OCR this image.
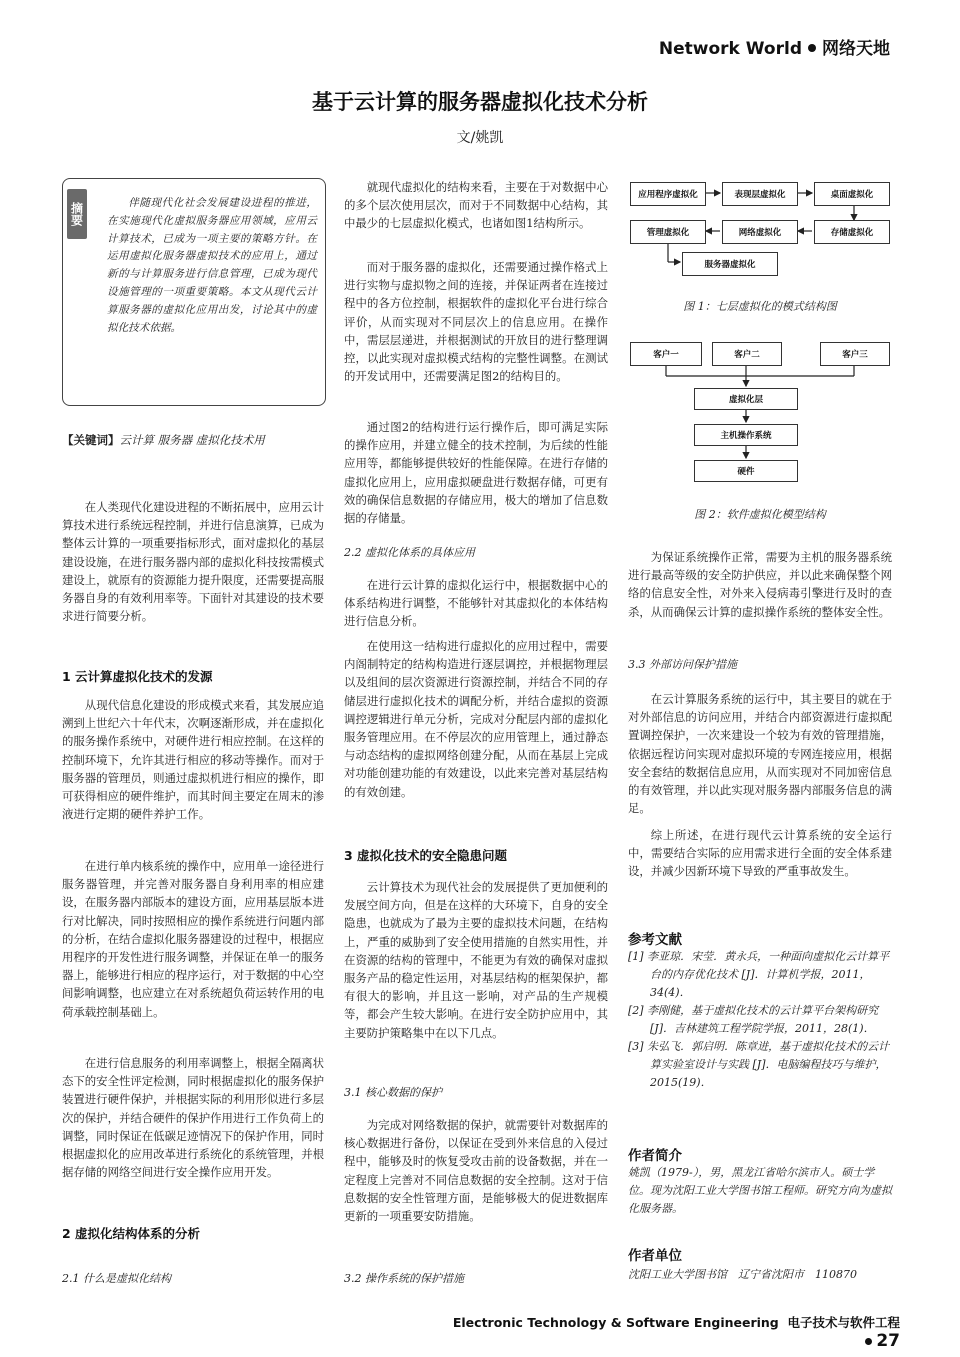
Network World 网络天地
基于云计算的服务器虚拟化技术分析
文/姚凯
摘要	伴随现代化社会发展建设进程的推进，在实施现代化虚拟服务器应用领域，应用云计算技术，已成为一项主要的策略方针。在运用虚拟化服务器虚拟技术的应用上，通过新的与计算服务进行信息管理，已成为现代设施管理的一项重要策略。本文从现代云计算服务器的虚拟化应用出发，讨论其中的虚拟化技术依据。
【关键词】云计算 服务器 虚拟化技术用

在人类现代化建设进程的不断拓展中，应用云计算技术进行系统远程控制，并进行信息演算，已成为整体云计算的一项重要指标形式，面对虚拟化的基层建设设施，在进行服务器内部的虚拟化科技按需模式建设上，就原有的资源能力提升限度，还需要提高服务器自身的有效利用率等。下面针对其建设的技术要求进行简要分析。

1 云计算虚拟化技术的发源

从现代信息化建设的形成模式来看，其发展应追溯到上世纪六十年代末，次啊逐渐形成，并在虚拟化的服务操作系统中，对硬件进行相应控制。在这样的控制环境下，允许其进行相应的移动等操作。而对于服务器的管理员，则通过虚拟机进行相应的操作，即可获得相应的硬件维护，而其时间主要定在周末的渗液进行定期的硬件养护工作。

在进行单内核系统的操作中，应用单一途径进行服务器管理，并完善对服务器自身利用率的相应建设，在服务器内部版本的建设方面，应用基层版本进行对比解决，同时按照相应的操作系统进行问题内部的分析，在结合虚拟化服务器建设的过程中，根据应用程序的开发性进行服务调整，并保证在单一的服务器上，能够进行相应的程序运行，对于数据的中心空间影响调整，也应建立在对系统超负荷运转作用的电荷承载控制基础上。

在进行信息服务的利用率调整上，根据全隔离状态下的安全性评定检测，同时根据虚拟化的服务保护装置进行硬件保护，并根据实际的利用形似进行多层次的保护，并结合硬件的保护作用进行工作负荷上的调整，同时保证在低碳足迹情况下的保护作用，同时根据虚拟化的应用改革进行系统化的系统管理，并根据存储的网络空间进行安全操作应用开发。

2 虚拟化结构体系的分析
2.1 什么是虚拟化结构

就现代虚拟化的结构来看，主要在于对数据中心的多个层次使用层次，而对于不同数据中心结构，其中最少的七层虚拟化模式，也诸如图1结构所示。

而对于服务器的虚拟化，还需要通过操作格式上进行实物与虚拟物之间的连接，并保证两者在连接过程中的各方位控制，根据软件的虚拟化平台进行综合评价，从而实现对不同层次上的信息应用。在操作中，需层层递进，并根据测试的开放目的进行整理调控，以此实现对虚拟模式结构的完整性调整。在测试的开发试用中，还需要满足图2的结构目的。

通过图2的结构进行运行操作后，即可满足实际的操作应用，并建立健全的技术控制，为后续的性能应用等，都能够提供较好的性能保障。在进行存储的虚拟化应用上，应用虚拟硬盘进行数据存储，可更有效的确保信息数据的存储应用，极大的增加了信息数据的存储量。

2.2 虚拟化体系的具体应用

在进行云计算的虚拟化运行中，根据数据中心的体系结构进行调整，不能够针对其虚拟化的本体结构进行信息分析。

在使用这一结构进行虚拟化的应用过程中，需要内阁制特定的结构构造进行逐层调控，并根据物理层以及组间的层次资源进行资源控制，并结合不同的存储层进行虚拟化技术的调配分析，并结合虚拟的资源调控逻辑进行单元分析，完成对分配层内部的虚拟化服务管理应用。在不停层次的应用管理上，通过静态与动态结构的虚拟网络创建分配，从而在基层上完成对功能创建功能的有效建设，以此来完善对基层结构的有效创建。

3 虚拟化技术的安全隐患问题

云计算技术为现代社会的发展提供了更加便利的发展空间方向，但是在这样的大环境下，自身的安全隐患，也就成为了最为主要的虚拟技术问题，在结构上，严重的威胁到了安全使用措施的自然实用性，并在资源的结构的管理中，不能更为有效的确保对虚拟服务产品的稳定性运用，对基层结构的框架保护，都有很大的影响，并且这一影响，对产品的生产规模等，都会产生较大影响。在进行安全防护应用中，其主要防护策略集中在以下几点。

3.1 核心数据的保护

为完成对网络数据的保护，就需要针对数据库的核心数据进行备份，以保证在受到外来信息的入侵过程中，能够及时的恢复受攻击前的设备数据，并在一定程度上完善对不同信息数据的安全控制。这对于信息数据的安全性管理方面，是能够极大的促进数据库更新的一项重要安防措施。

3.2 操作系统的保护措施
应用程序虚拟化	表现层虚拟化	桌面虚拟化
管理虚拟化	网络虚拟化	存储虚拟化
服务器虚拟化
图 1：七层虚拟化的模式结构图
客户一	客户二	客户三
虚拟化层
主机操作系统
硬件
图 2：软件虚拟化模型结构

为保证系统操作正常，需要为主机的服务器系统进行最高等级的安全防护供应，并以此来确保整个网络的信息安全性，对外来入侵病毒引擎进行及时的查杀，从而确保云计算的虚拟操作系统的整体安全性。

3.3 外部访问保护措施

在云计算服务系统的运行中，其主要目的就在于对外部信息的访问应用，并结合内部资源进行虚拟配置调控保护，一次来建设一个较为有效的管理措施，依据远程访问实现对虚拟环境的专网连接应用，根据安全套结的数据信息应用，从而实现对不同加密信息的有效管理，并以此实现对服务器内部服务信息的满足。

综上所述，在进行现代云计算系统的安全运行中，需要结合实际的应用需求进行全面的安全体系建设，并减少因新环境下导致的严重事故发生。

参考文献
[1] 李亚琼．宋莹．黄永兵，一种面向虚拟化云计算平台的内存优化技术 [J]．计算机学报，2011，34(4)．
[2] 李刚健，基于虚拟化技术的云计算平台架构研究 [J]．吉林建筑工程学院学报，2011，28(1)．
[3] 朱弘飞．郭启明．陈章进，基于虚拟化技术的云计算实验室设计与实践 [J]．电脑编程技巧与维护，2015(19)．
作者简介
姚凯（1979-），男，黑龙江省哈尔滨市人。硕士学位。现为沈阳工业大学图书馆工程师。研究方向为虚拟化服务器。
作者单位
沈阳工业大学图书馆　辽宁省沈阳市　110870
Electronic Technology & Software Engineering 电子技术与软件工程27
